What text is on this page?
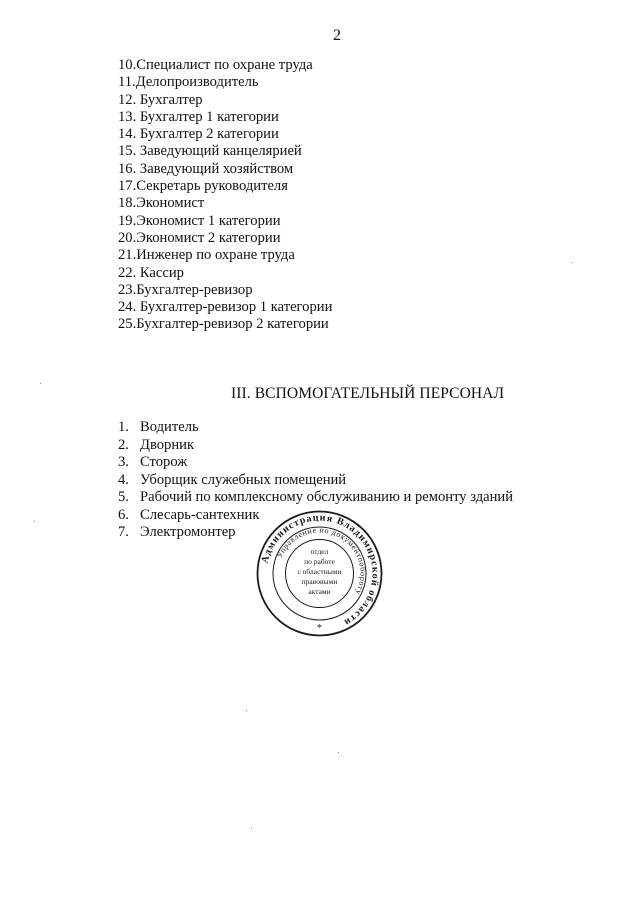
2
10.Специалист по охране труда
11.Делопроизводитель
12. Бухгалтер
13. Бухгалтер 1 категории
14. Бухгалтер 2 категории
15. Заведующий канцелярией
16. Заведующий хозяйством
17.Секретарь руководителя
18.Экономист
19.Экономист 1 категории
20.Экономист 2 категории
21.Инженер по охране труда
22. Кассир
23.Бухгалтер-ревизор
24. Бухгалтер-ревизор 1 категории
25.Бухгалтер-ревизор 2 категории
III. ВСПОМОГАТЕЛЬНЫЙ ПЕРСОНАЛ
1. Водитель
2. Дворник
3. Сторож
4. Уборщик служебных помещений
5. Рабочий по комплексному обслуживанию и ремонту зданий
6. Слесарь-сантехник
7. Электромонтер
Администрация Владимирской области
Управление по документообороту
отдел
по работе
с областными
правовыми
актами
*
